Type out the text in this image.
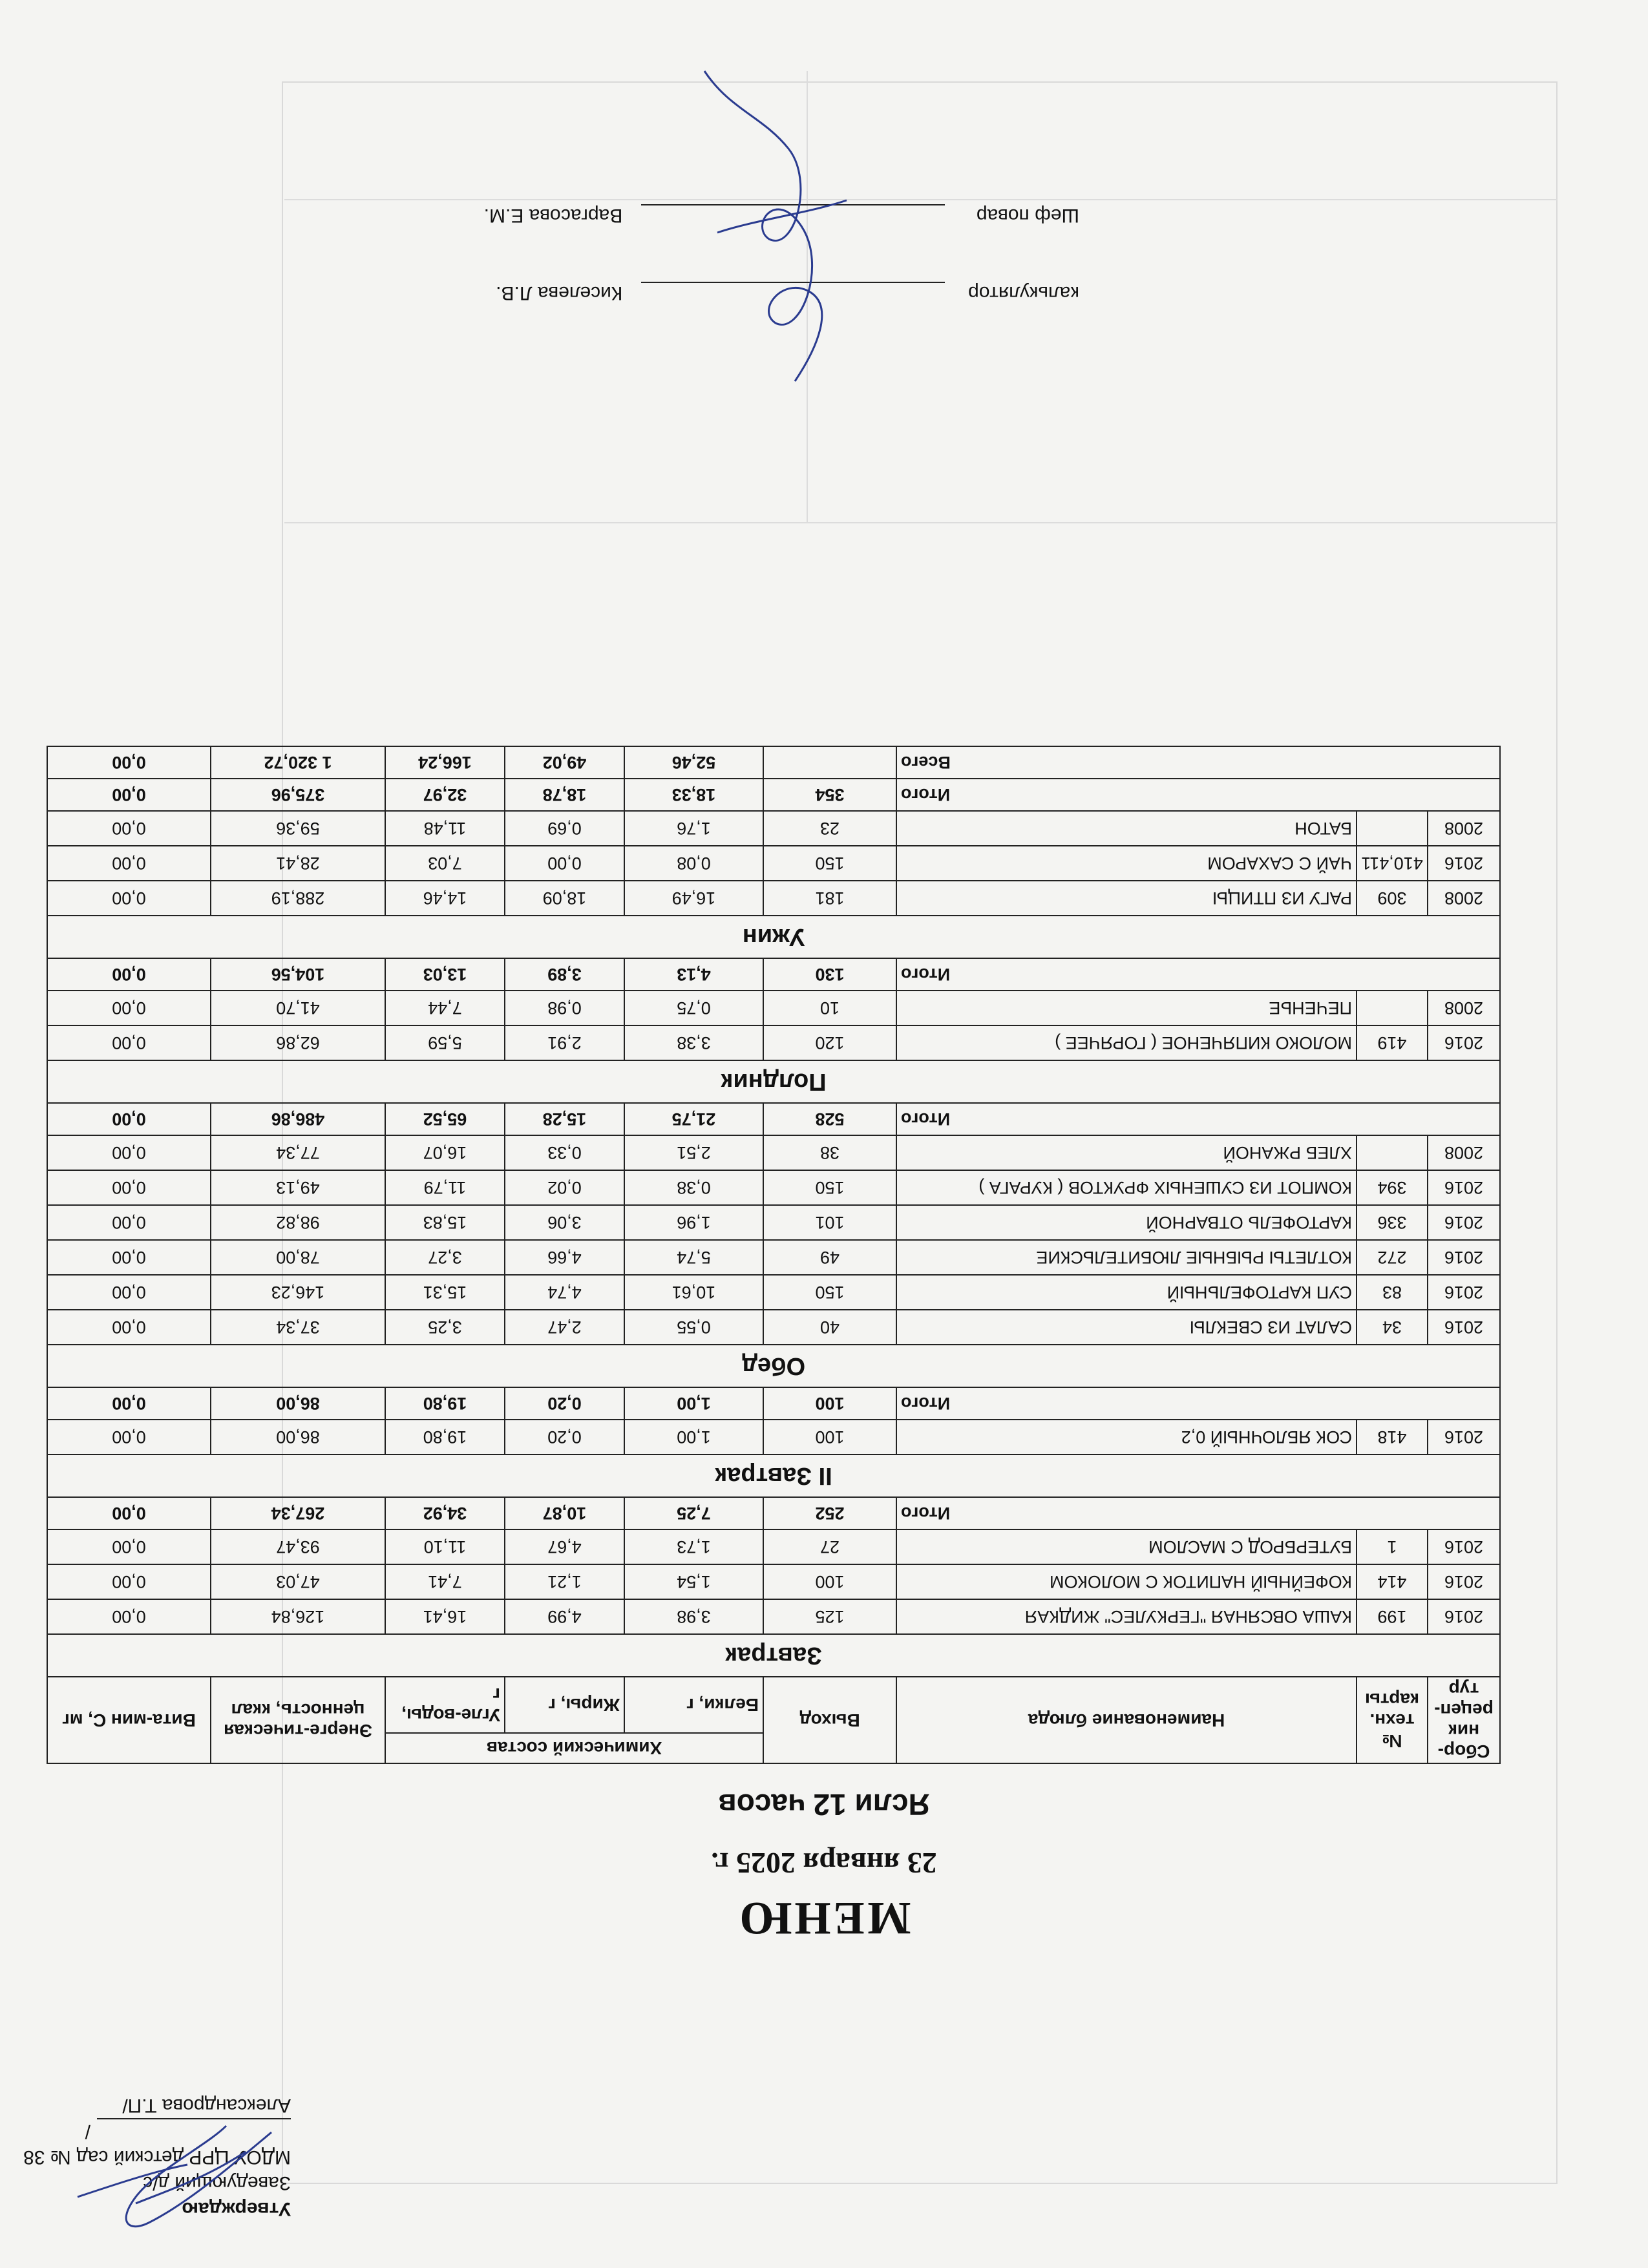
Утверждаю
Заведующий д/с
МДОУ ЦРР детский сад № 38
/Александрова Т.П/
МЕНЮ
23 января 2025 г.
Ясли 12 часов
Сбор-ник рецеп-тур	№ техн. карты	Наименование блюда	Выход	Химический состав			Энерге-тическая ценность, ккал	Вита-мин С, мг
				Белки, г	Жиры, г	Угле-воды, г		
Завтрак								
2016	199	КАША ОВСЯНАЯ "ГЕРКУЛЕС" ЖИДКАЯ	125	3,98	4,99	16,41	126,84	0,00
2016	414	КОФЕЙНЫЙ НАПИТОК С МОЛОКОМ	100	1,54	1,21	7,41	47,03	0,00
2016	1	БУТЕРБРОД С МАСЛОМ	27	1,73	4,67	11,10	93,47	0,00
Итого			252	7,25	10,87	34,92	267,34	0,00
II Завтрак								
2016	418	СОК ЯБЛОЧНЫЙ 0,2	100	1,00	0,20	19,80	86,00	0,00
Итого			100	1,00	0,20	19,80	86,00	0,00
Обед								
2016	34	САЛАТ ИЗ СВЕКЛЫ	40	0,55	2,47	3,25	37,34	0,00
2016	83	СУП КАРТОФЕЛЬНЫЙ	150	10,61	4,74	15,31	146,23	0,00
2016	272	КОТЛЕТЫ РЫБНЫЕ ЛЮБИТЕЛЬСКИЕ	49	5,74	4,66	3,27	78,00	0,00
2016	336	КАРТОФЕЛЬ ОТВАРНОЙ	101	1,96	3,06	15,83	98,82	0,00
2016	394	КОМПОТ ИЗ СУШЕНЫХ ФРУКТОВ ( КУРАГА )	150	0,38	0,02	11,79	49,13	0,00
2008		ХЛЕБ РЖАНОЙ	38	2,51	0,33	16,07	77,34	0,00
Итого			528	21,75	15,28	65,52	486,86	0,00
Полдник								
2016	419	МОЛОКО КИПЯЧЕНОЕ ( ГОРЯЧЕЕ )	120	3,38	2,91	5,59	62,86	0,00
2008		ПЕЧЕНЬЕ	10	0,75	0,98	7,44	41,70	0,00
Итого			130	4,13	3,89	13,03	104,56	0,00
Ужин								
2008	309	РАГУ ИЗ ПТИЦЫ	181	16,49	18,09	14,46	288,19	0,00
2016	410,411	ЧАЙ С САХАРОМ	150	0,08	0,00	7,03	28,41	0,00
2008		БАТОН	23	1,76	0,69	11,48	59,36	0,00
Итого			354	18,33	18,78	32,97	375,96	0,00
Всего				52,46	49,02	166,24	1 320,72	0,00
калькулятор  Киселева Л.В.
Шеф повар  Варгасова Е.М.
